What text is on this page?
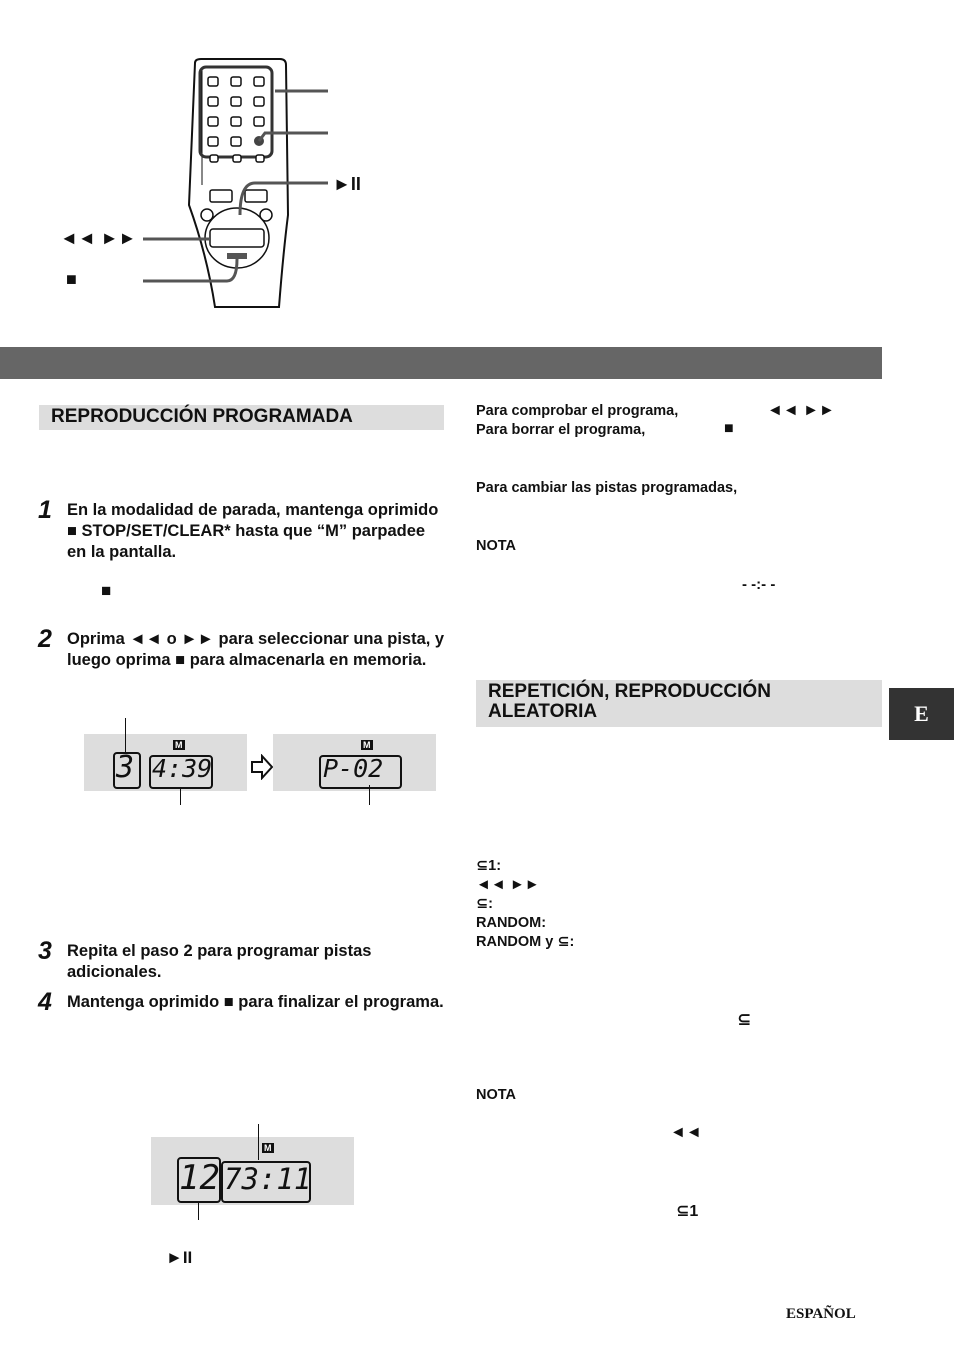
►II
◄◄ ►►
■
REPRODUCCIÓN PROGRAMADA
1 En la modalidad de parada, mantenga oprimido ■ STOP/SET/CLEAR* hasta que “M” parpadee en la pantalla.
■
2 Oprima ◄◄ o ►► para seleccionar una pista, y luego oprima ■ para almacenarla en memoria.
3 4:39
M
P-02
M
3 Repita el paso 2 para programar pistas adicionales.
4 Mantenga oprimido ■ para finalizar el programa.
12 73:11
M
►II
Para comprobar el programa,	◄◄ ►►
Para borrar el programa,	■
Para cambiar las pistas programadas,
NOTA
- -:- -
REPETICIÓN, REPRODUCCIÓN ALEATORIA
⊆1:
◄◄ ►►
⊆:
RANDOM:
RANDOM y ⊆:
⊆
NOTA
◄◄
⊆1
E
ESPAÑOL
